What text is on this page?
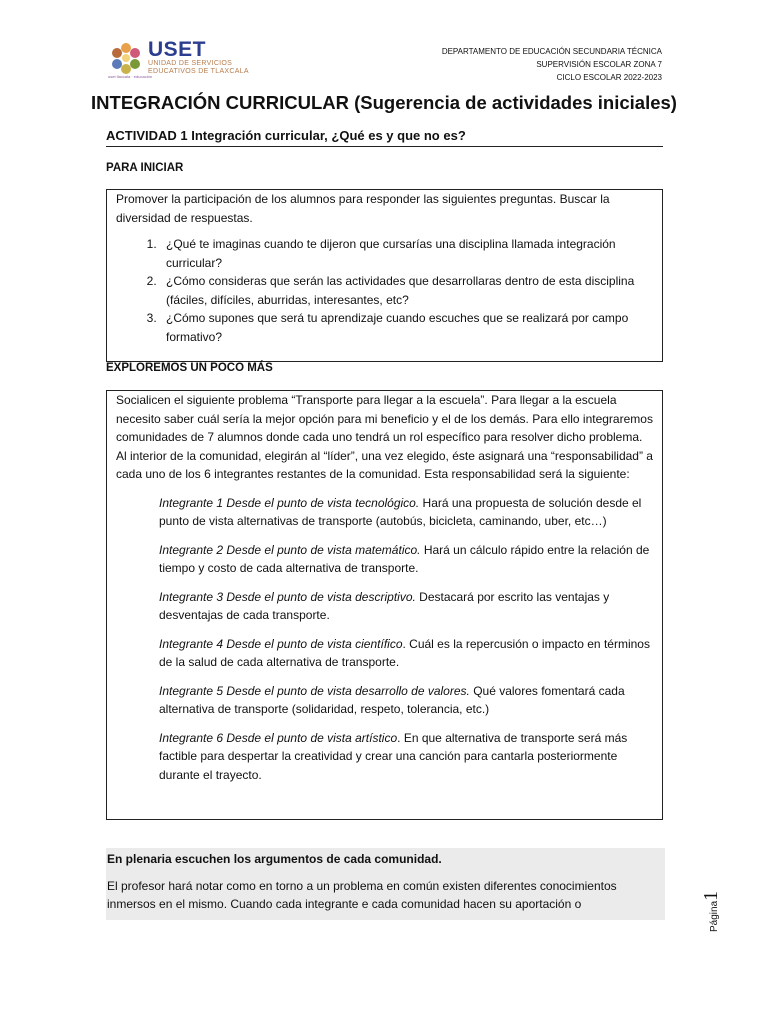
USET
UNIDAD DE SERVICIOS
EDUCATIVOS DE TLAXCALA
uset tlaxcala · educación
DEPARTAMENTO DE EDUCACIÓN SECUNDARIA TÉCNICA
SUPERVISIÓN ESCOLAR ZONA 7
CICLO ESCOLAR 2022-2023
INTEGRACIÓN CURRICULAR (Sugerencia de actividades iniciales)
ACTIVIDAD 1 Integración curricular, ¿Qué es y que no es?
PARA INICIAR

Promover la participación de los alumnos para responder las siguientes preguntas. Buscar la diversidad de respuestas.

1. ¿Qué te imaginas cuando te dijeron que cursarías una disciplina llamada integración curricular?
2. ¿Cómo consideras que serán las actividades que desarrollaras dentro de esta disciplina (fáciles, difíciles, aburridas, interesantes, etc?
3. ¿Cómo supones que será tu aprendizaje cuando escuches que se realizará por campo formativo?
EXPLOREMOS UN POCO MÁS

Socialicen el siguiente problema “Transporte para llegar a la escuela”. Para llegar a la escuela necesito saber cuál sería la mejor opción para mi beneficio y el de los demás. Para ello integraremos comunidades de 7 alumnos donde cada uno tendrá un rol específico para resolver dicho problema. Al interior de la comunidad, elegirán al “líder”, una vez elegido, éste asignará una “responsabilidad” a cada uno de los 6 integrantes restantes de la comunidad. Esta responsabilidad será la siguiente:

Integrante 1 Desde el punto de vista tecnológico. Hará una propuesta de solución desde el punto de vista alternativas de transporte (autobús, bicicleta, caminando, uber, etc…)
Integrante 2 Desde el punto de vista matemático. Hará un cálculo rápido entre la relación de tiempo y costo de cada alternativa de transporte.
Integrante 3 Desde el punto de vista descriptivo. Destacará por escrito las ventajas y desventajas de cada transporte.
Integrante 4 Desde el punto de vista científico. Cuál es la repercusión o impacto en términos de la salud de cada alternativa de transporte.
Integrante 5 Desde el punto de vista desarrollo de valores. Qué valores fomentará cada alternativa de transporte (solidaridad, respeto, tolerancia, etc.)
Integrante 6 Desde el punto de vista artístico. En que alternativa de transporte será más factible para despertar la creatividad y crear una canción para cantarla posteriormente durante el trayecto.

En plenaria escuchen los argumentos de cada comunidad.

El profesor hará notar como en torno a un problema en común existen diferentes conocimientos inmersos en el mismo. Cuando cada integrante e cada comunidad hacen su aportación o	Página1
